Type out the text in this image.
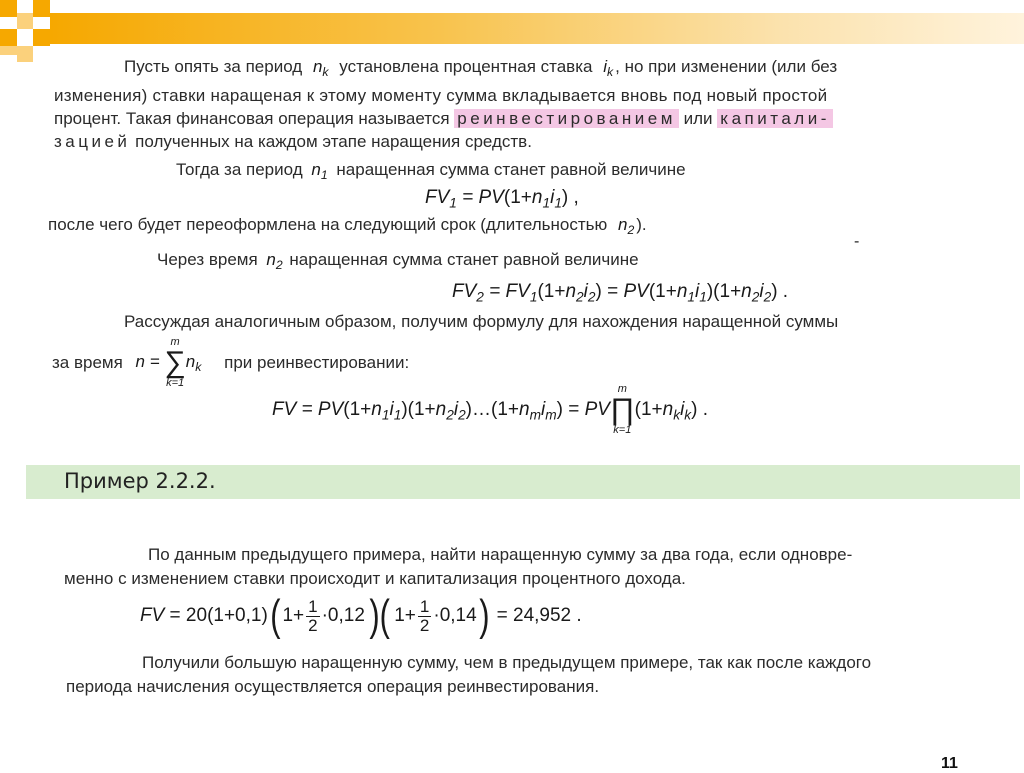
Пусть опять за период $n_k$ установлена процентная ставка $i_k$ , но при изменении (или без
изменения) ставки наращеная к этому моменту сумма вкладывается вновь под новый простой
процент. Такая финансовая операция называется реинвестированием или капитали-
зацией полученных на каждом этапе наращения средств.
Тогда за период $n_1$ наращенная сумма станет равной величине
$FV_1 = PV(1+n_1i_1)$ ,
после чего будет переоформлена на следующий срок (длительностью $n_2$ ).
-
Через время $n_2$ наращенная сумма станет равной величине
$FV_2 = FV_1(1+n_2i_2) = PV(1+n_1i_1)(1+n_2i_2)$ .
Рассуждая аналогичным образом, получим формулу для нахождения наращенной суммы
за время n =
m
∑
k=1
$n_k$ при реинвестировании:
FV = $PV(1+n_1i_1)(1+n_2i_2)\dots(1+n_mi_m)$ = PV
m
∏
k=1
$(1+n_ki_k)$ .
Пример 2.2.2.
По данным предыдущего примера, найти наращенную сумму за два года, если одновре-
менно с изменением ставки происходит и капитализация процентного дохода.
FV = 20(1+0,1)( $1+ \frac{1}{2} \cdot 0,12$)( $1+ \frac{1}{2} \cdot 0,14) = 24,952$ .
Получили большую наращенную сумму, чем в предыдущем примере, так как после каждого
периода начисления осуществляется операция реинвестирования.
11
